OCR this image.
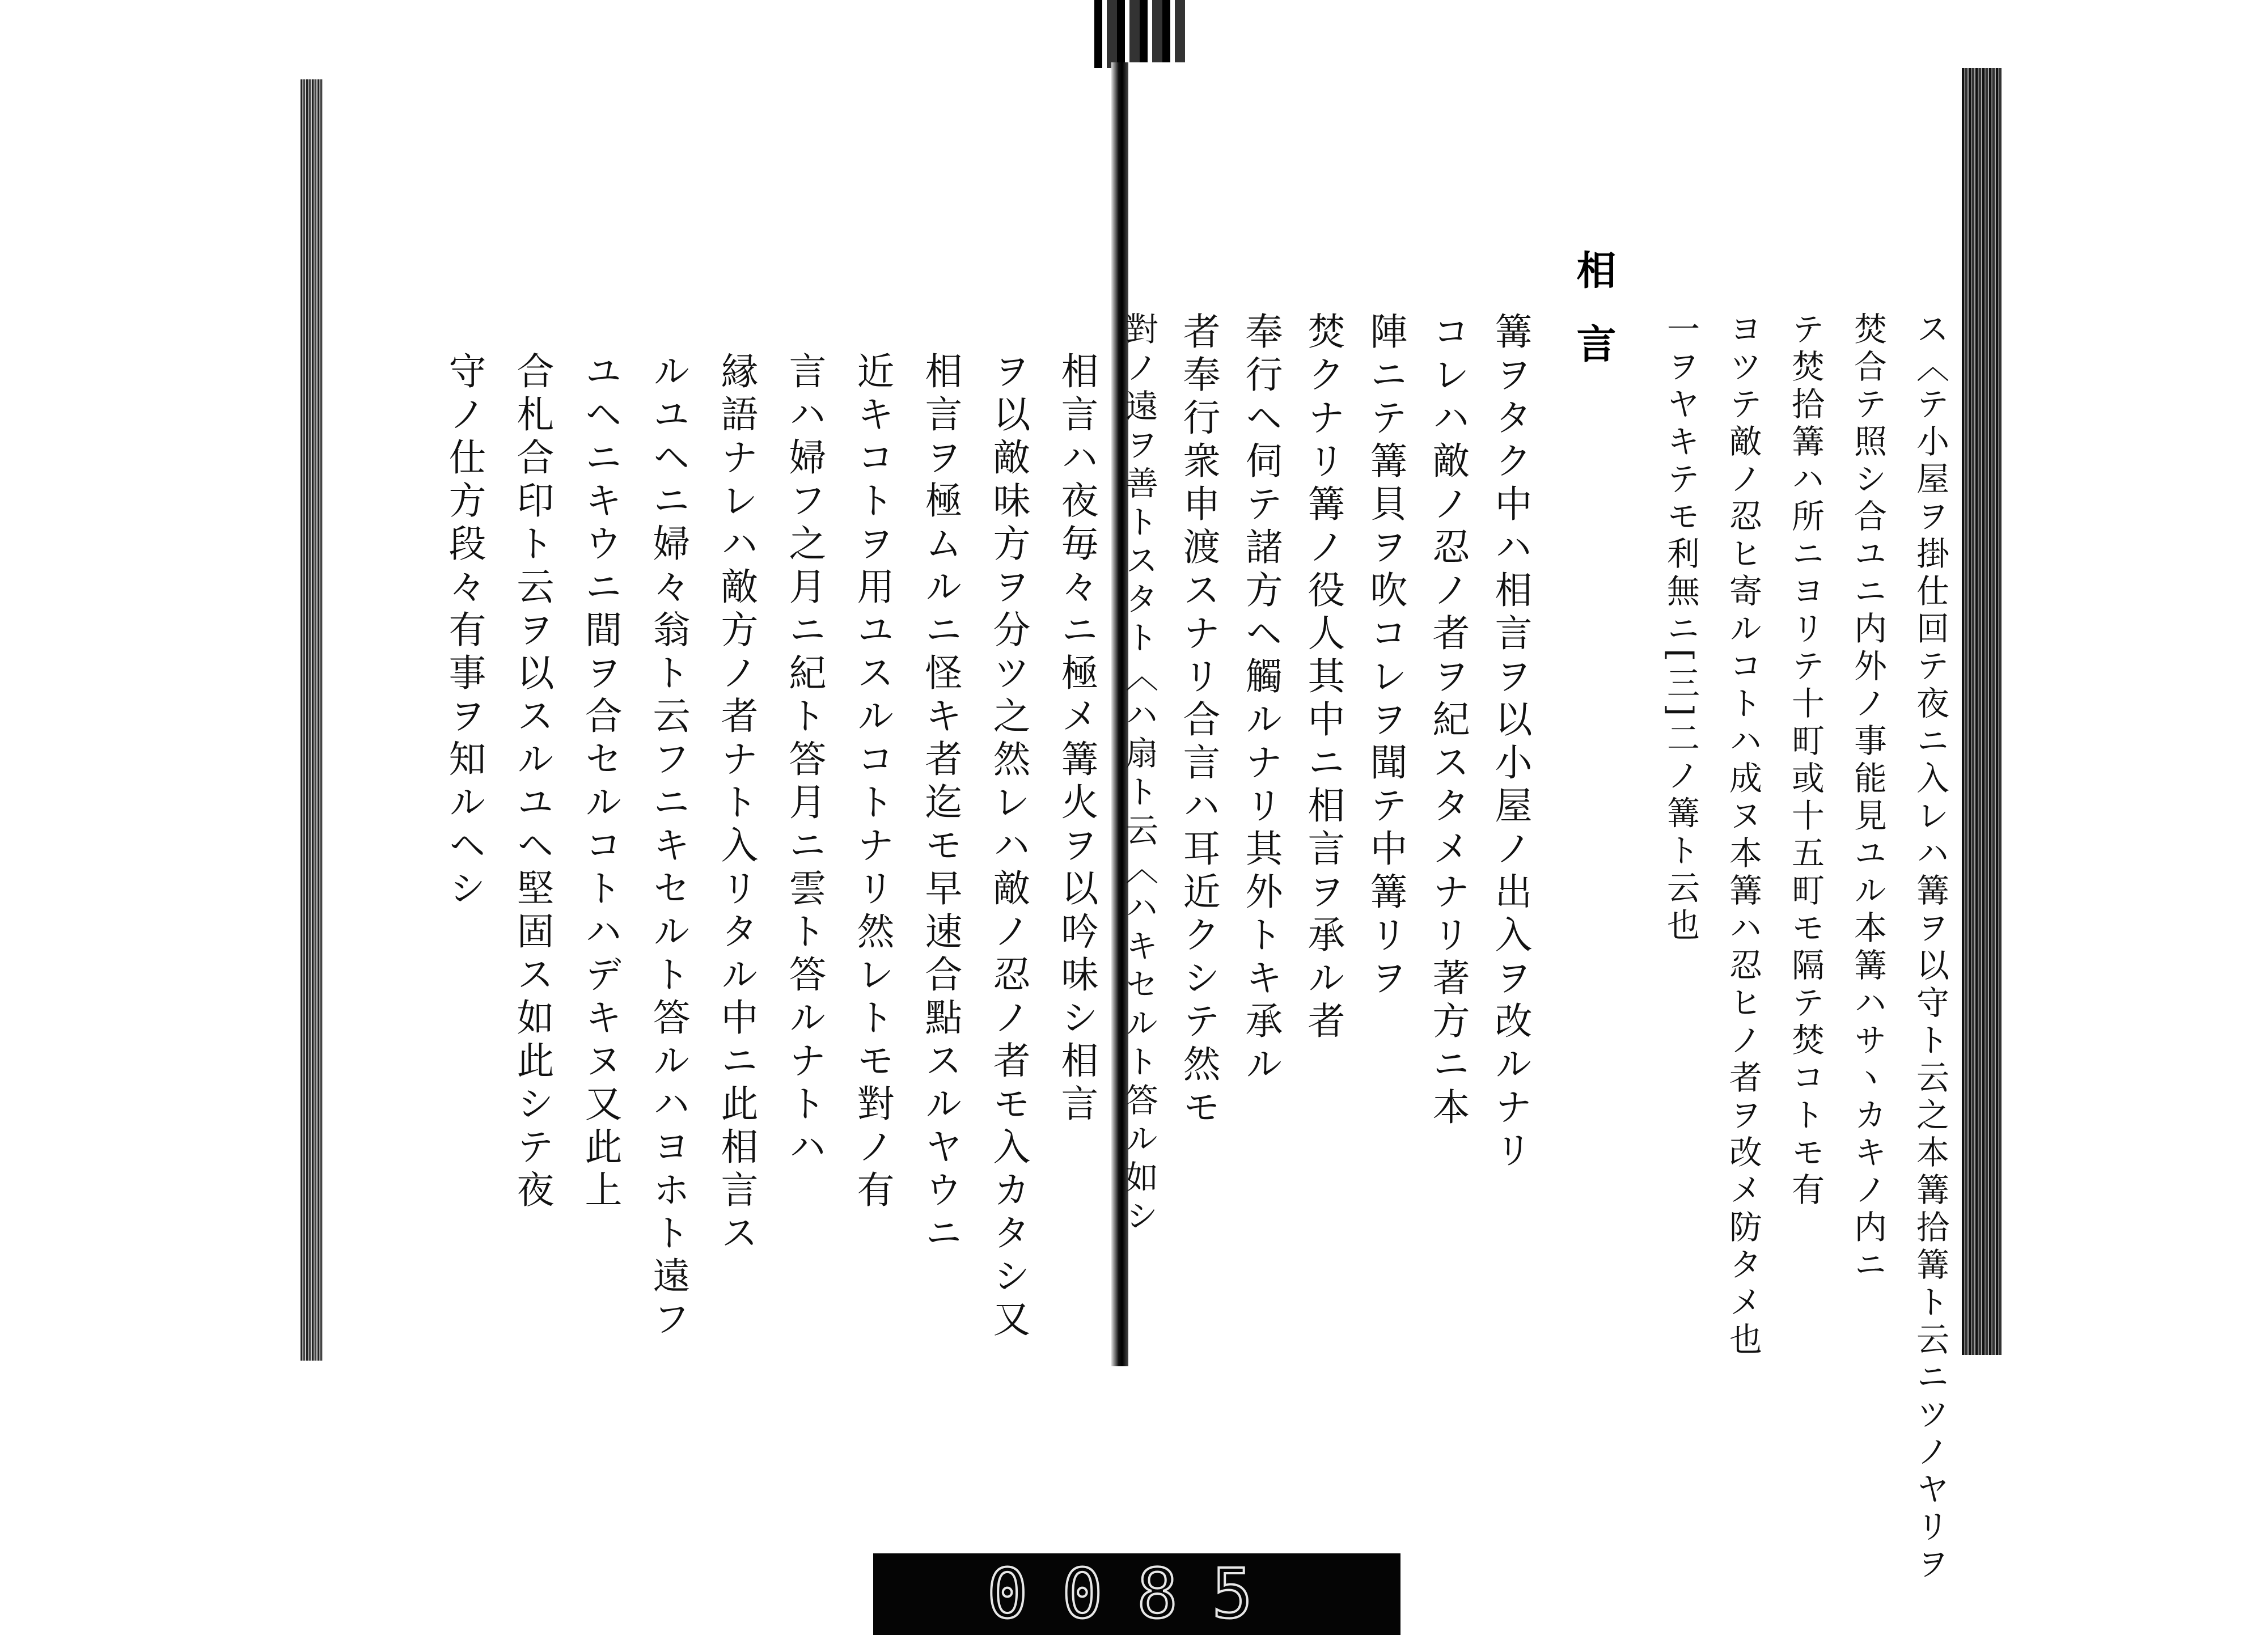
相言ハ夜毎々ニ極メ篝火ヲ以吟味シ相言
ヲ以敵味方ヲ分ツ之然レハ敵ノ忍ノ者モ入カタシ又
相言ヲ極ムルニ怪キ者迄モ早速合點スルヤウニ
近キコトヲ用ユスルコトナリ然レトモ對ノ有
言ハ婦フ之月ニ紀ト答月ニ雲ト答ルナトハ
縁語ナレハ敵方ノ者ナト入リタル中ニ此相言ス
ルユヘニ婦々翁ト云フニキセルト答ルハヨホト遠フ
ユヘニキウニ間ヲ合セルコトハデキヌ又此上
合札合印ト云ヲ以スルユヘ堅固ス如此シテ夜
守ノ仕方段々有事ヲ知ルヘシ	ス〈テ小屋ヲ掛仕回テ夜ニ入レハ篝ヲ以守ト云之本篝拾篝ト云ニツノヤリヲ
焚合テ照シ合ユニ内外ノ事能見ユル本篝ハサヽカキノ内ニ
テ焚拾篝ハ所ニヨリテ十町或十五町モ隔テ焚コトモ有
ヨツテ敵ノ忍ヒ寄ルコトハ成ヌ本篝ハ忍ヒノ者ヲ改メ防タメ也
一ヲヤキテモ利無ニ[三]二ノ篝ト云也
相言
篝ヲタク中ハ相言ヲ以小屋ノ出入ヲ改ルナリ
コレハ敵ノ忍ノ者ヲ紀スタメナリ著方ニ本
陣ニテ篝貝ヲ吹コレヲ聞テ中篝リヲ
焚クナリ篝ノ役人其中ニ相言ヲ承ル者
奉行ヘ伺テ諸方ヘ觸ルナリ其外トキ承ル
者奉行衆申渡スナリ合言ハ耳近クシテ然モ
對ノ遠ヲ善トスタト〈ハ扇ト云〈ハキセルト答ル如シ
0085
